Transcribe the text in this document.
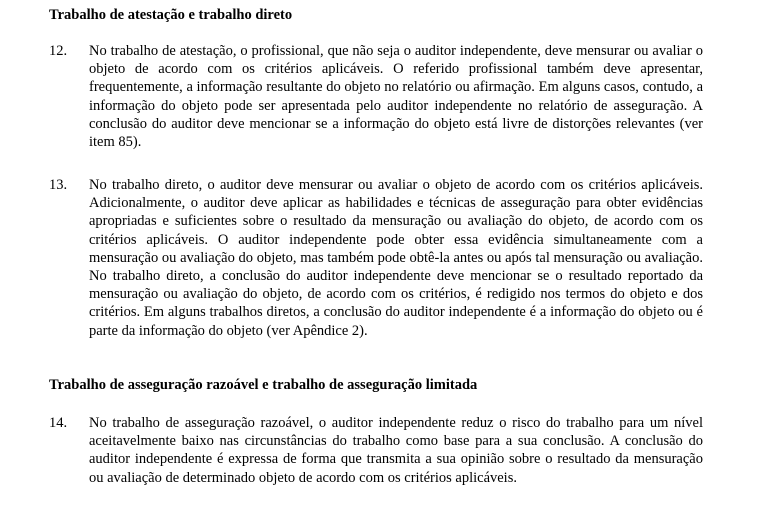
Trabalho de atestação e trabalho direto
12. No trabalho de atestação, o profissional, que não seja o auditor independente, deve mensurar ou avaliar o objeto de acordo com os critérios aplicáveis. O referido profissional também deve apresentar, frequentemente, a informação resultante do objeto no relatório ou afirmação. Em alguns casos, contudo, a informação do objeto pode ser apresentada pelo auditor independente no relatório de asseguração. A conclusão do auditor deve mencionar se a informação do objeto está livre de distorções relevantes (ver item 85).

13. No trabalho direto, o auditor deve mensurar ou avaliar o objeto de acordo com os critérios aplicáveis. Adicionalmente, o auditor deve aplicar as habilidades e técnicas de asseguração para obter evidências apropriadas e suficientes sobre o resultado da mensuração ou avaliação do objeto, de acordo com os critérios aplicáveis. O auditor independente pode obter essa evidência simultaneamente com a mensuração ou avaliação do objeto, mas também pode obtê-la antes ou após tal mensuração ou avaliação. No trabalho direto, a conclusão do auditor independente deve mencionar se o resultado reportado da mensuração ou avaliação do objeto, de acordo com os critérios, é redigido nos termos do objeto e dos critérios. Em alguns trabalhos diretos, a conclusão do auditor independente é a informação do objeto ou é parte da informação do objeto (ver Apêndice 2).

Trabalho de asseguração razoável e trabalho de asseguração limitada
14. No trabalho de asseguração razoável, o auditor independente reduz o risco do trabalho para um nível aceitavelmente baixo nas circunstâncias do trabalho como base para a sua conclusão. A conclusão do auditor independente é expressa de forma que transmita a sua opinião sobre o resultado da mensuração ou avaliação de determinado objeto de acordo com os critérios aplicáveis.
